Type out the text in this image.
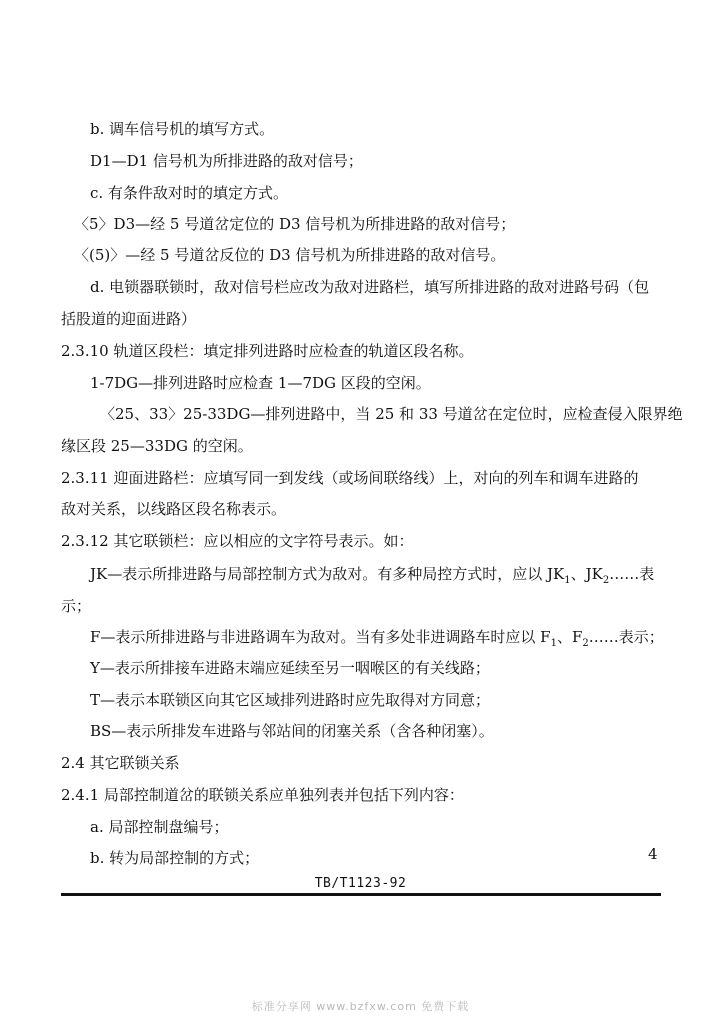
b. 调车信号机的填写方式。
D1—D1 信号机为所排进路的敌对信号；
c. 有条件敌对时的填定方式。
〈5〉D3—经 5 号道岔定位的 D3 信号机为所排进路的敌对信号；
〈(5)〉—经 5 号道岔反位的 D3 信号机为所排进路的敌对信号。
d. 电锁器联锁时，敌对信号栏应改为敌对进路栏，填写所排进路的敌对进路号码（包
括股道的迎面进路）
2.3.10 轨道区段栏：填定排列进路时应检查的轨道区段名称。
1-7DG—排列进路时应检查 1—7DG 区段的空闲。
〈25、33〉25-33DG—排列进路中，当 25 和 33 号道岔在定位时，应检查侵入限界绝
缘区段 25—33DG 的空闲。
2.3.11 迎面进路栏：应填写同一到发线（或场间联络线）上，对向的列车和调车进路的
敌对关系，以线路区段名称表示。
2.3.12 其它联锁栏：应以相应的文字符号表示。如：
JK—表示所排进路与局部控制方式为敌对。有多种局控方式时，应以 $JK_1$、$JK_2\dots\dots$表
示；
F—表示所排进路与非进路调车为敌对。当有多处非进调路车时应以 $F_1$、$F_2\dots\dots$表示；
Y—表示所排接车进路末端应延续至另一咽喉区的有关线路；
T—表示本联锁区向其它区域排列进路时应先取得对方同意；
BS—表示所排发车进路与邻站间的闭塞关系（含各种闭塞）。
2.4 其它联锁关系
2.4.1 局部控制道岔的联锁关系应单独列表并包括下列内容：
a. 局部控制盘编号；
b. 转为局部控制的方式；	4
TB/T1123-92
标准分享网 www.bzfxw.com 免费下载
